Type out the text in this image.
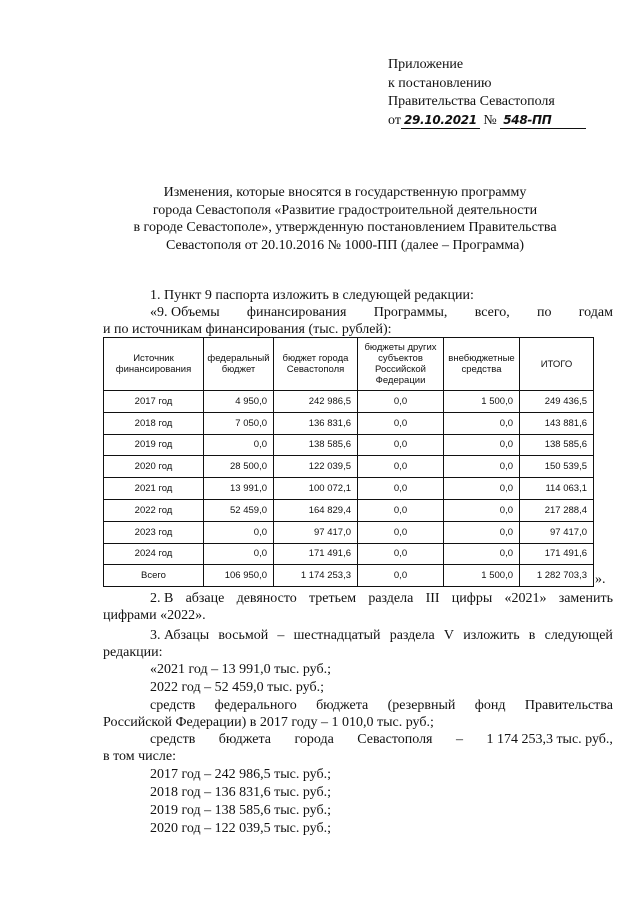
Приложение
к постановлению
Правительства Севастополя
от 29.10.2021 № 548-ПП
Изменения, которые вносятся в государственную программу
города Севастополя «Развитие градостроительной деятельности
в городе Севастополе», утвержденную постановлением Правительства
Севастополя от 20.10.2016 № 1000-ПП (далее – Программа)
1. Пункт 9 паспорта изложить в следующей редакции:
«9. Объемы финансирования Программы, всего, по годам
и по источникам финансирования (тыс. рублей):
Источник финансирования	федеральный бюджет	бюджет города Севастополя	бюджеты других субъектов Российской Федерации	внебюджетные средства	ИТОГО
2017 год	4 950,0	242 986,5	0,0	1 500,0	249 436,5
2018 год	7 050,0	136 831,6	0,0	0,0	143 881,6
2019 год	0,0	138 585,6	0,0	0,0	138 585,6
2020 год	28 500,0	122 039,5	0,0	0,0	150 539,5
2021 год	13 991,0	100 072,1	0,0	0,0	114 063,1
2022 год	52 459,0	164 829,4	0,0	0,0	217 288,4
2023 год	0,0	97 417,0	0,0	0,0	97 417,0
2024 год	0,0	171 491,6	0,0	0,0	171 491,6
Всего	106 950,0	1 174 253,3	0,0	1 500,0	1 282 703,3 ».
2. В абзаце девяносто третьем раздела III цифры «2021» заменить
цифрами «2022».
3. Абзацы восьмой – шестнадцатый раздела V изложить в следующей
редакции:
«2021 год – 13 991,0 тыс. руб.;
2022 год – 52 459,0 тыс. руб.;
средств федерального бюджета (резервный фонд Правительства
Российской Федерации) в 2017 году – 1 010,0 тыс. руб.;
средств бюджета города Севастополя – 1 174 253,3 тыс. руб.,
в том числе:
2017 год – 242 986,5 тыс. руб.;
2018 год – 136 831,6 тыс. руб.;
2019 год – 138 585,6 тыс. руб.;
2020 год – 122 039,5 тыс. руб.;
